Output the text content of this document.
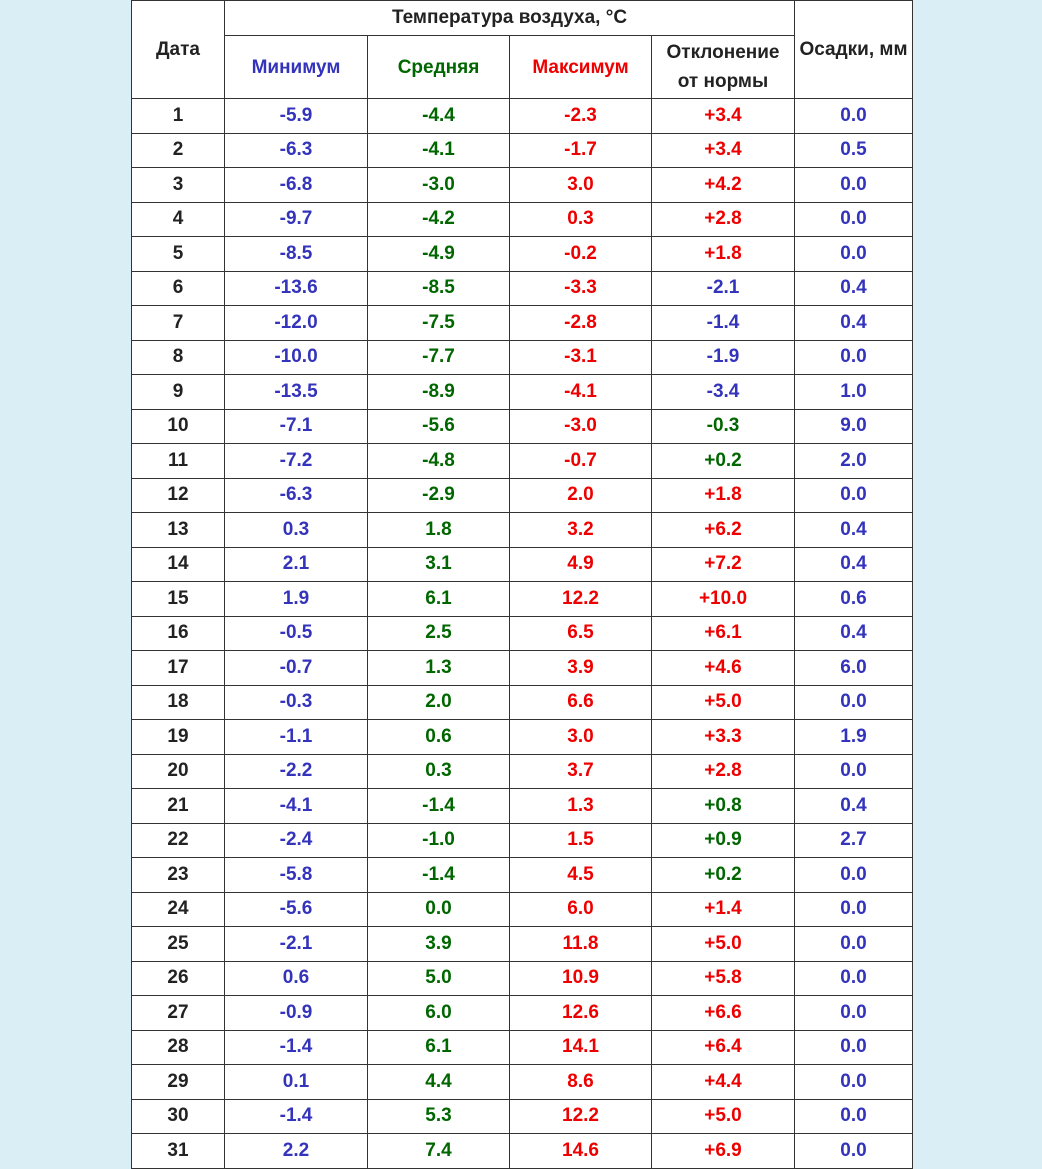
Дата	Температура воздуха, °C				Осадки, мм
	Минимум	Средняя	Максимум	Отклонение
от нормы	
1	-5.9	-4.4	-2.3	+3.4	0.0
2	-6.3	-4.1	-1.7	+3.4	0.5
3	-6.8	-3.0	3.0	+4.2	0.0
4	-9.7	-4.2	0.3	+2.8	0.0
5	-8.5	-4.9	-0.2	+1.8	0.0
6	-13.6	-8.5	-3.3	-2.1	0.4
7	-12.0	-7.5	-2.8	-1.4	0.4
8	-10.0	-7.7	-3.1	-1.9	0.0
9	-13.5	-8.9	-4.1	-3.4	1.0
10	-7.1	-5.6	-3.0	-0.3	9.0
11	-7.2	-4.8	-0.7	+0.2	2.0
12	-6.3	-2.9	2.0	+1.8	0.0
13	0.3	1.8	3.2	+6.2	0.4
14	2.1	3.1	4.9	+7.2	0.4
15	1.9	6.1	12.2	+10.0	0.6
16	-0.5	2.5	6.5	+6.1	0.4
17	-0.7	1.3	3.9	+4.6	6.0
18	-0.3	2.0	6.6	+5.0	0.0
19	-1.1	0.6	3.0	+3.3	1.9
20	-2.2	0.3	3.7	+2.8	0.0
21	-4.1	-1.4	1.3	+0.8	0.4
22	-2.4	-1.0	1.5	+0.9	2.7
23	-5.8	-1.4	4.5	+0.2	0.0
24	-5.6	0.0	6.0	+1.4	0.0
25	-2.1	3.9	11.8	+5.0	0.0
26	0.6	5.0	10.9	+5.8	0.0
27	-0.9	6.0	12.6	+6.6	0.0
28	-1.4	6.1	14.1	+6.4	0.0
29	0.1	4.4	8.6	+4.4	0.0
30	-1.4	5.3	12.2	+5.0	0.0
31	2.2	7.4	14.6	+6.9	0.0
